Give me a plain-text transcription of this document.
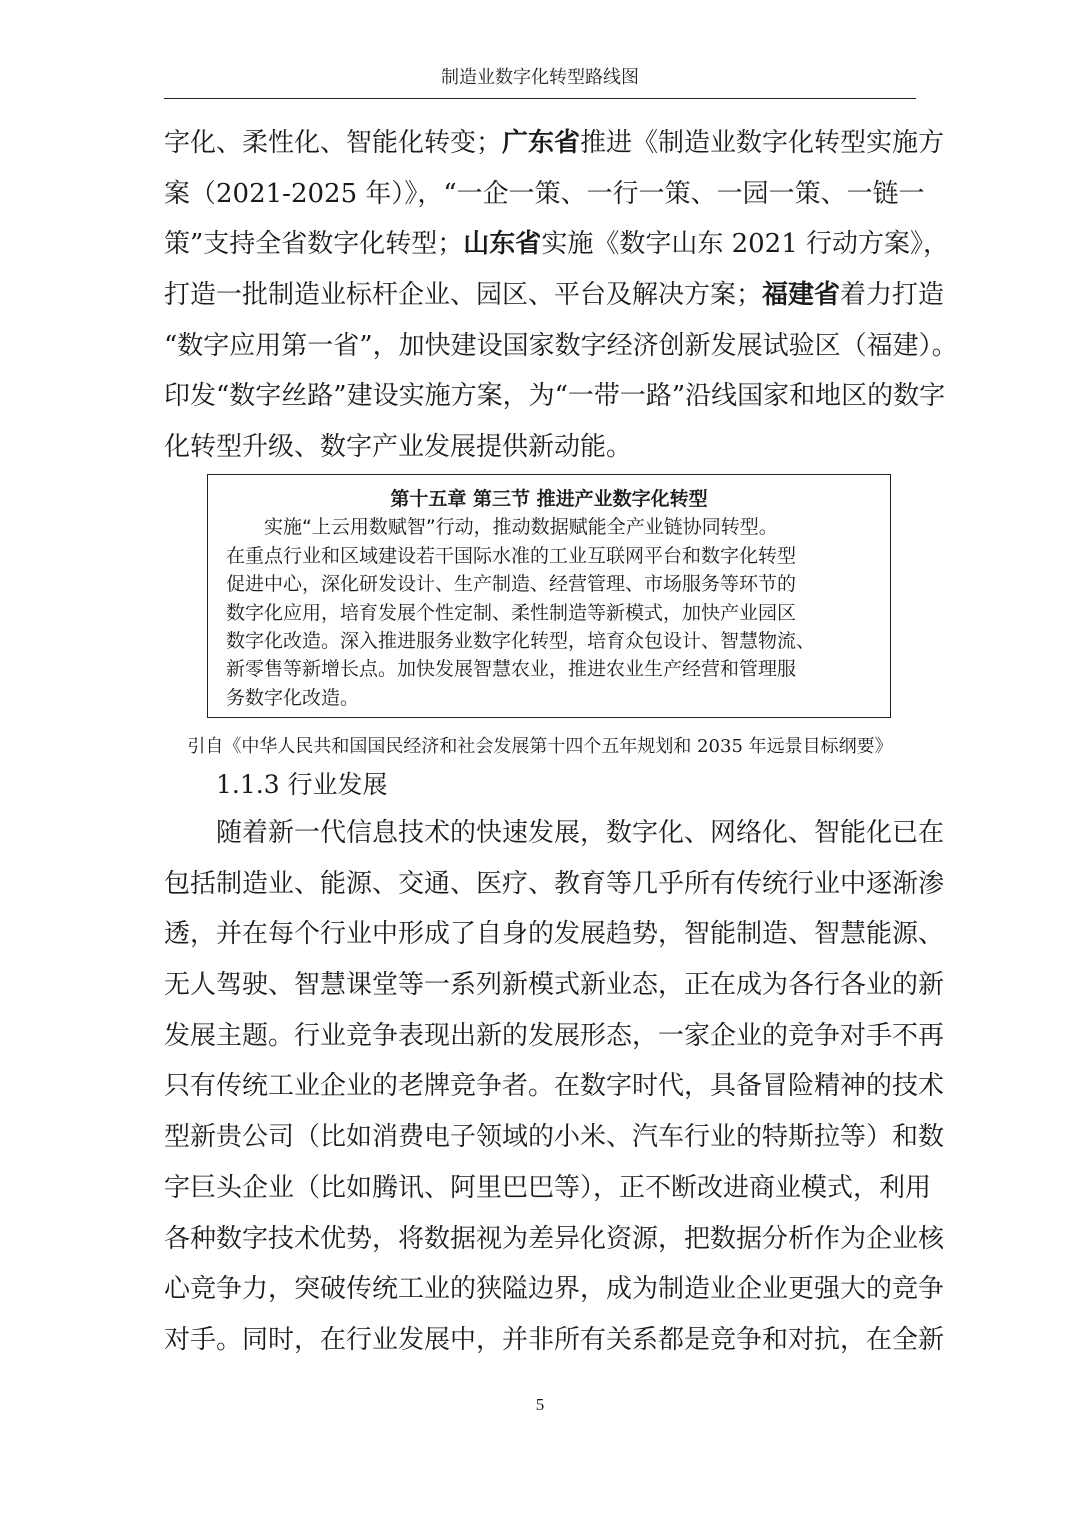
制造业数字化转型路线图
字化、柔性化、智能化转变；广东省推进《制造业数字化转型实施方
案（2021-2025 年）》，“一企一策、一行一策、一园一策、一链一
策”支持全省数字化转型；山东省实施《数字山东 2021 行动方案》，
打造一批制造业标杆企业、园区、平台及解决方案；福建省着力打造
“数字应用第一省”，加快建设国家数字经济创新发展试验区（福建）。
印发“数字丝路”建设实施方案，为“一带一路”沿线国家和地区的数字
化转型升级、数字产业发展提供新动能。
第十五章 第三节 推进产业数字化转型
　　实施“上云用数赋智”行动，推动数据赋能全产业链协同转型。
在重点行业和区域建设若干国际水准的工业互联网平台和数字化转型
促进中心，深化研发设计、生产制造、经营管理、市场服务等环节的
数字化应用，培育发展个性定制、柔性制造等新模式，加快产业园区
数字化改造。深入推进服务业数字化转型，培育众包设计、智慧物流、
新零售等新增长点。加快发展智慧农业，推进农业生产经营和管理服
务数字化改造。
引自《中华人民共和国国民经济和社会发展第十四个五年规划和 2035 年远景目标纲要》
1.1.3 行业发展
　　随着新一代信息技术的快速发展，数字化、网络化、智能化已在
包括制造业、能源、交通、医疗、教育等几乎所有传统行业中逐渐渗
透，并在每个行业中形成了自身的发展趋势，智能制造、智慧能源、
无人驾驶、智慧课堂等一系列新模式新业态，正在成为各行各业的新
发展主题。行业竞争表现出新的发展形态，一家企业的竞争对手不再
只有传统工业企业的老牌竞争者。在数字时代，具备冒险精神的技术
型新贵公司（比如消费电子领域的小米、汽车行业的特斯拉等）和数
字巨头企业（比如腾讯、阿里巴巴等），正不断改进商业模式，利用
各种数字技术优势，将数据视为差异化资源，把数据分析作为企业核
心竞争力，突破传统工业的狭隘边界，成为制造业企业更强大的竞争
对手。同时，在行业发展中，并非所有关系都是竞争和对抗，在全新
5
